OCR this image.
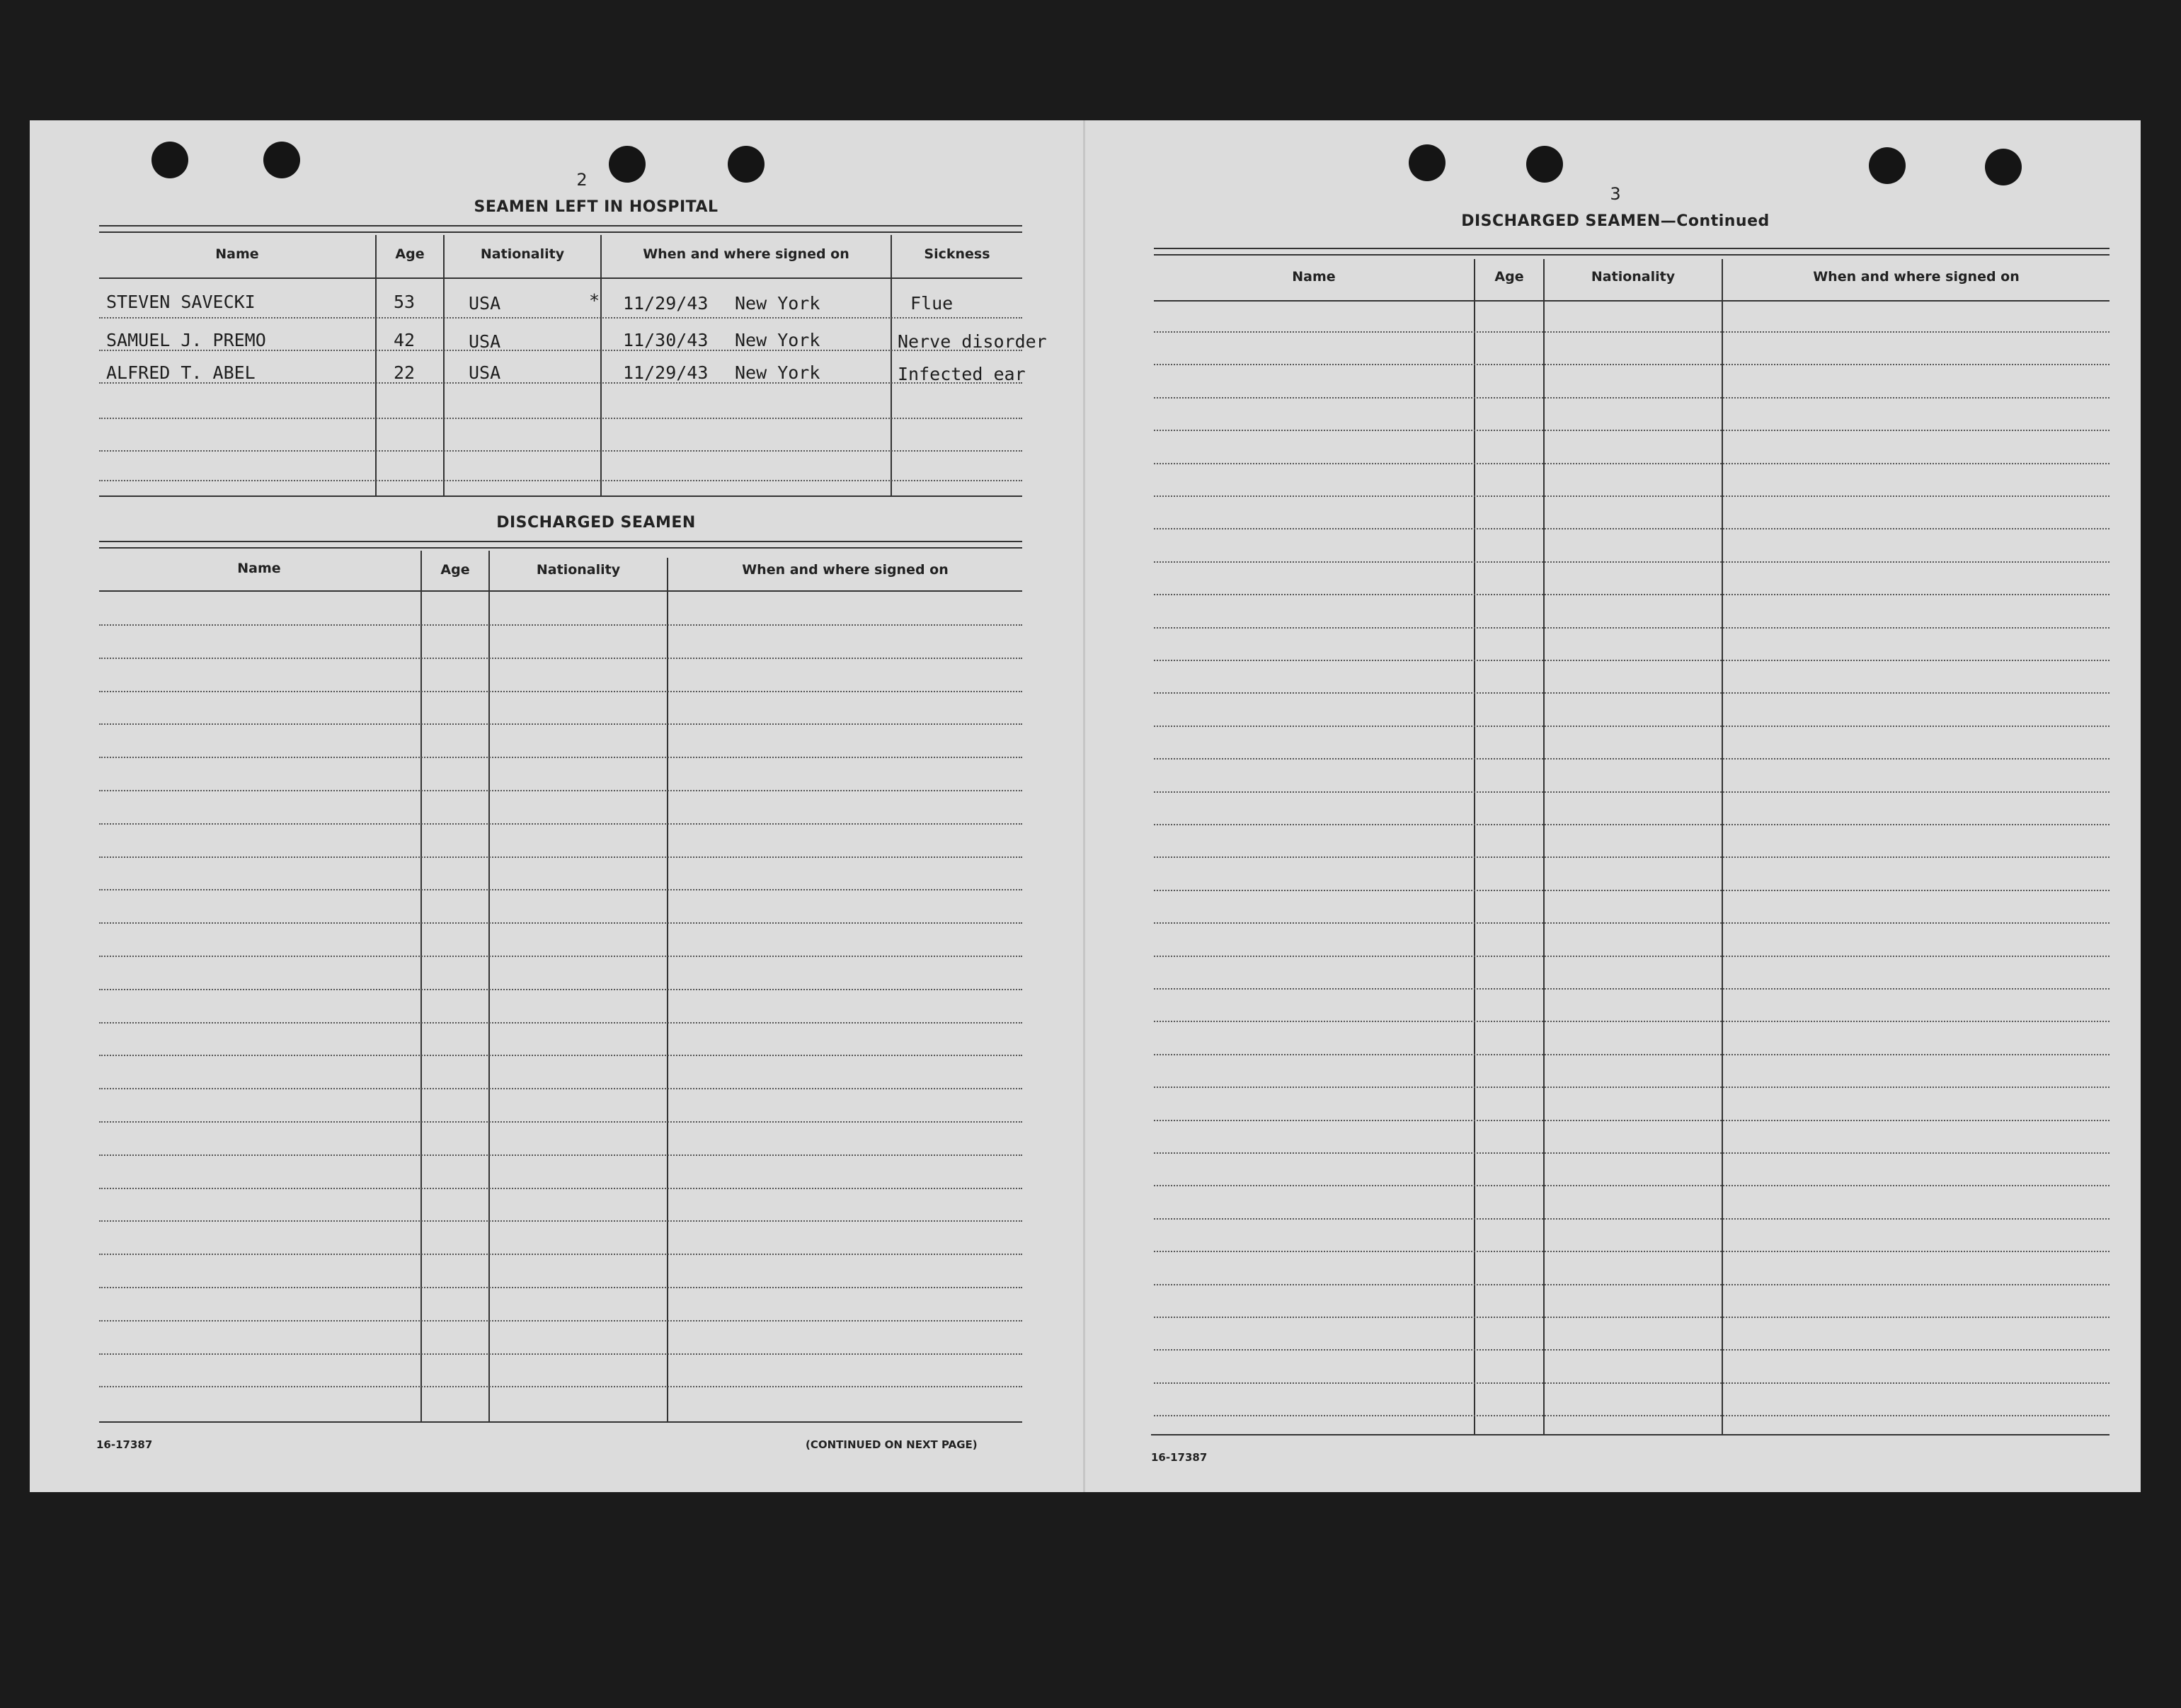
2
SEAMEN LEFT IN HOSPITAL
Name	Age	Nationality	When and where signed on	Sickness
STEVEN SAVECKI	53	USA	* 11/29/43 New York	Flue
SAMUEL J. PREMO	42	USA	11/30/43 New York	Nerve disorder
ALFRED T. ABEL	22	USA	11/29/43 New York	Infected ear
DISCHARGED SEAMEN
Name	Age	Nationality	When and where signed on
16-17387	(CONTINUED ON NEXT PAGE)
3
DISCHARGED SEAMEN—Continued
Name	Age	Nationality	When and where signed on
16-17387
